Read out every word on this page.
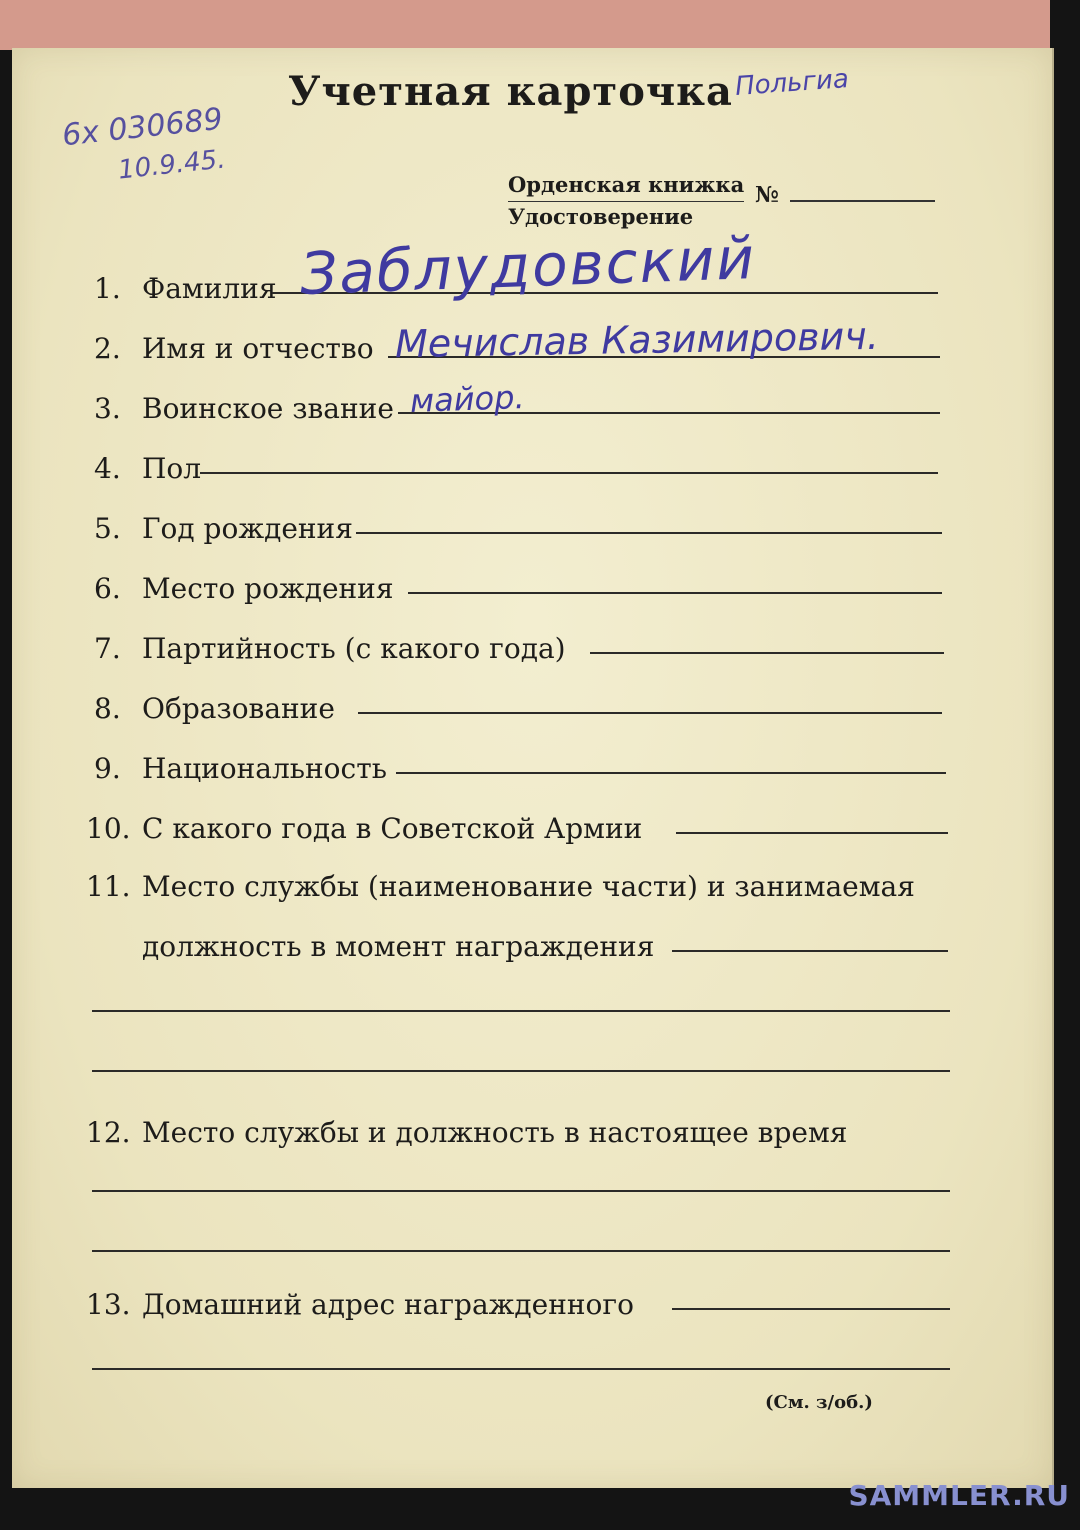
Учетная карточка Польгиа
6х 030689
10.9.45.	Орденская книжка
Удостоверение
№
1. Фамилия Заблудовский
2. Имя и отчество Мечислав Казимирович.
3. Воинское звание майор.
4. Пол
5. Год рождения
6. Место рождения
7. Партийность (с какого года)
8. Образование
9. Национальность
10. С какого года в Советской Армии
11. Место службы (наименование части) и занимаемая
должность в момент награждения
12. Место службы и должность в настоящее время
13. Домашний адрес награжденного
(См. з/об.)
SAMMLER.RU
